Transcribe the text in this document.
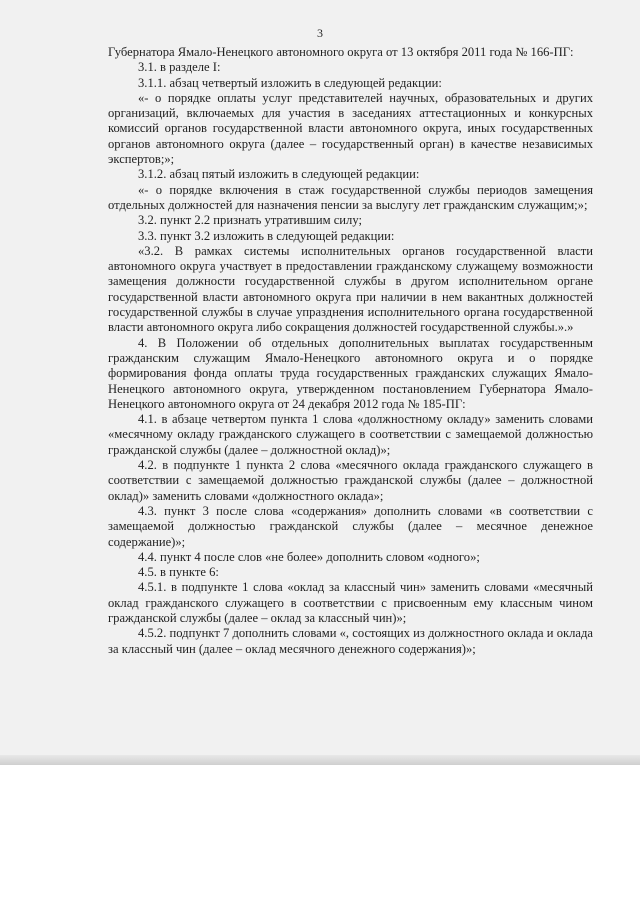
3

Губернатора Ямало-Ненецкого автономного округа от 13 октября 2011 года № 166-ПГ:

3.1. в разделе I:

3.1.1. абзац четвертый изложить в следующей редакции:

«- о порядке оплаты услуг представителей научных, образовательных и других организаций, включаемых для участия в заседаниях аттестационных и конкурсных комиссий органов государственной власти автономного округа, иных государственных органов автономного округа (далее – государственный орган) в качестве независимых экспертов;»;

3.1.2. абзац пятый изложить в следующей редакции:

«- о порядке включения в стаж государственной службы периодов замещения отдельных должностей для назначения пенсии за выслугу лет гражданским служащим;»;

3.2. пункт 2.2 признать утратившим силу;

3.3. пункт 3.2 изложить в следующей редакции:

«3.2. В рамках системы исполнительных органов государственной власти автономного округа участвует в предоставлении гражданскому служащему возможности замещения должности государственной службы в другом исполнительном органе государственной власти автономного округа при наличии в нем вакантных должностей государственной службы в случае упразднения исполнительного органа государственной власти автономного округа либо сокращения должностей государственной службы.».»

4. В Положении об отдельных дополнительных выплатах государственным гражданским служащим Ямало-Ненецкого автономного округа и о порядке формирования фонда оплаты труда государственных гражданских служащих Ямало-Ненецкого автономного округа, утвержденном постановлением Губернатора Ямало-Ненецкого автономного округа от 24 декабря 2012 года № 185-ПГ:

4.1. в абзаце четвертом пункта 1 слова «должностному окладу» заменить словами «месячному окладу гражданского служащего в соответствии с замещаемой должностью гражданской службы (далее – должностной оклад)»;

4.2. в подпункте 1 пункта 2 слова «месячного оклада гражданского служащего в соответствии с замещаемой должностью гражданской службы (далее – должностной оклад)» заменить словами «должностного оклада»;

4.3. пункт 3 после слова «содержания» дополнить словами «в соответствии с замещаемой должностью гражданской службы (далее – месячное денежное содержание)»;

4.4. пункт 4 после слов «не более» дополнить словом «одного»;

4.5. в пункте 6:

4.5.1. в подпункте 1 слова «оклад за классный чин» заменить словами «месячный оклад гражданского служащего в соответствии с присвоенным ему классным чином гражданской службы (далее – оклад за классный чин)»;

4.5.2. подпункт 7 дополнить словами «, состоящих из должностного оклада и оклада за классный чин (далее – оклад месячного денежного содержания)»;
